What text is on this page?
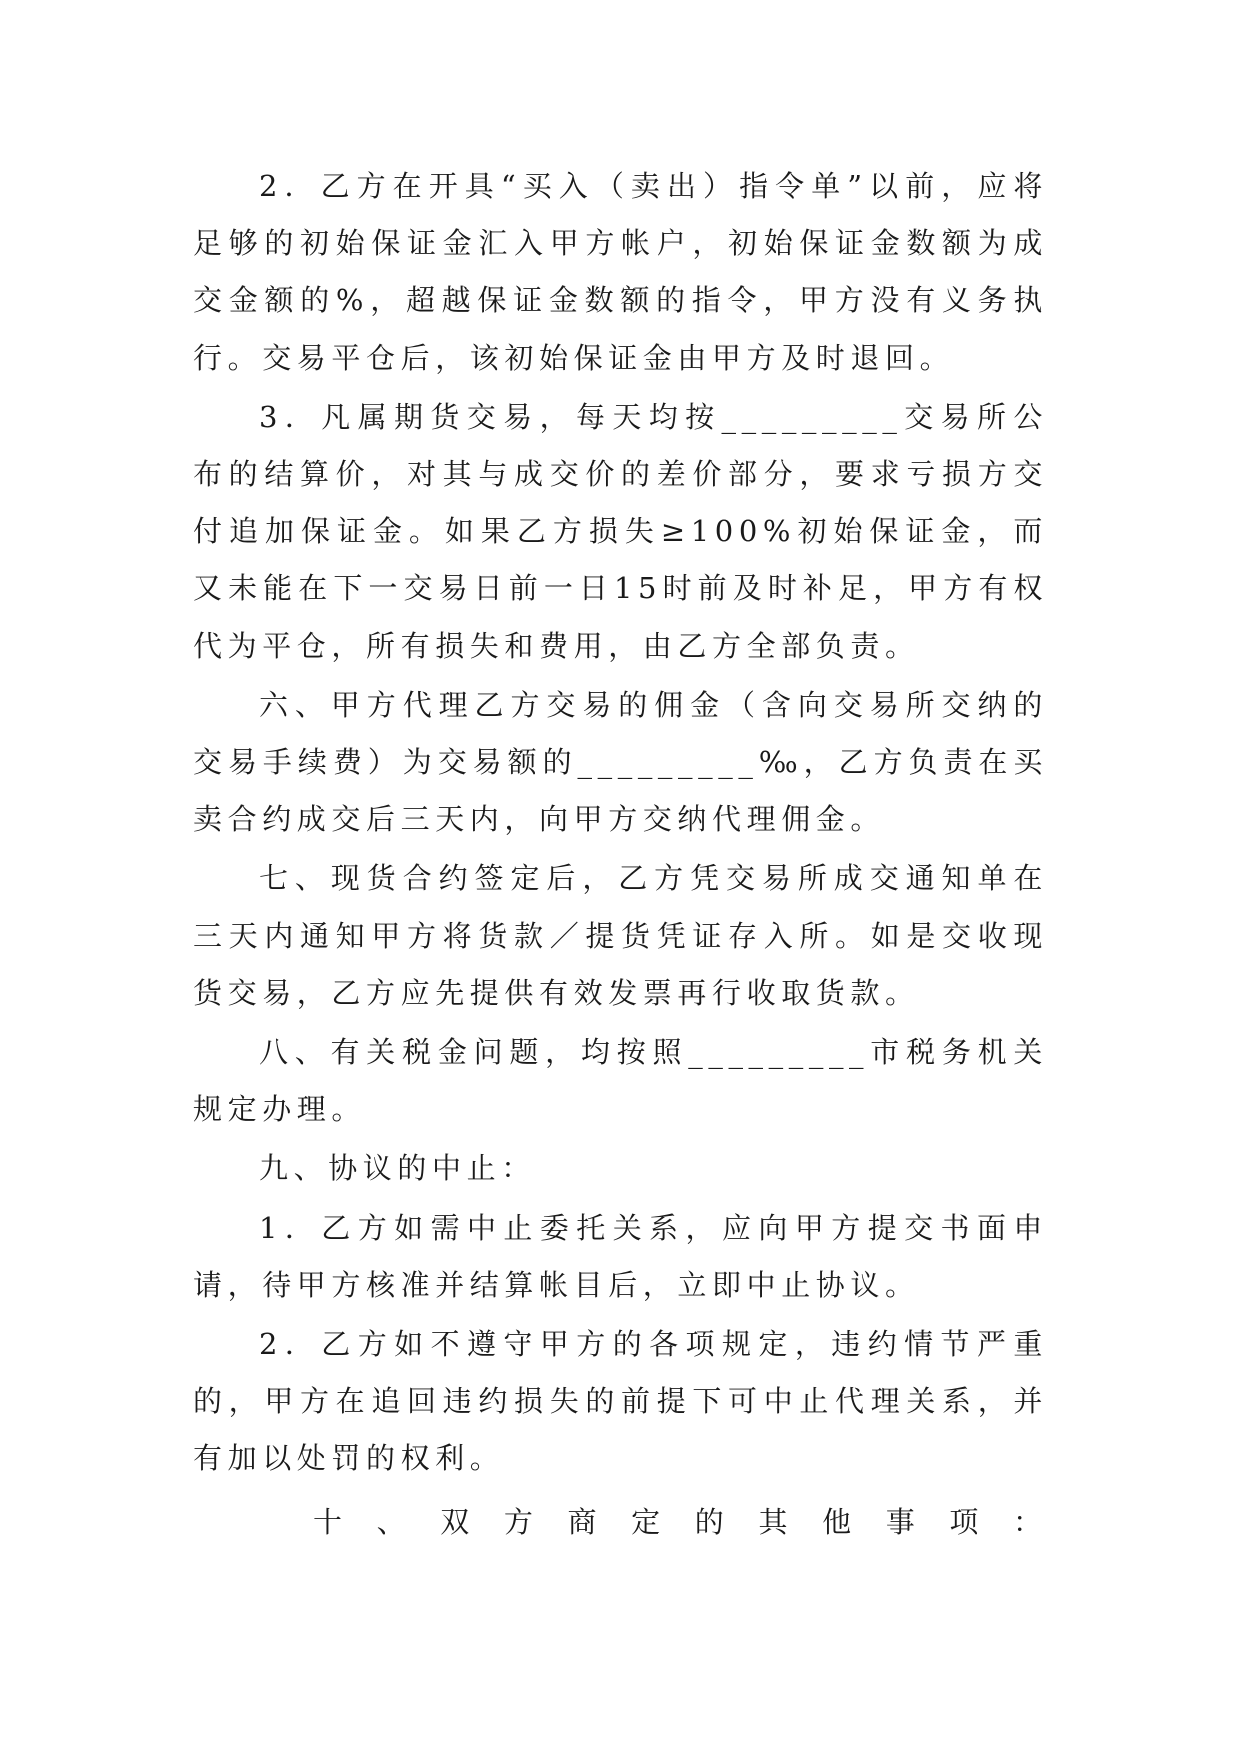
2．乙方在开具“买入（卖出）指令单”以前，应将足够的初始保证金汇入甲方帐户，初始保证金数额为成交金额的%，超越保证金数额的指令，甲方没有义务执行。交易平仓后，该初始保证金由甲方及时退回。

3．凡属期货交易，每天均按_________交易所公布的结算价，对其与成交价的差价部分，要求亏损方交付追加保证金。如果乙方损失≥100%初始保证金，而又未能在下一交易日前一日15时前及时补足，甲方有权代为平仓，所有损失和费用，由乙方全部负责。

六、甲方代理乙方交易的佣金（含向交易所交纳的交易手续费）为交易额的_________‰，乙方负责在买卖合约成交后三天内，向甲方交纳代理佣金。

七、现货合约签定后，乙方凭交易所成交通知单在三天内通知甲方将货款／提货凭证存入所。如是交收现货交易，乙方应先提供有效发票再行收取货款。

八、有关税金问题，均按照_________市税务机关规定办理。

九、协议的中止：

1．乙方如需中止委托关系，应向甲方提交书面申请，待甲方核准并结算帐目后，立即中止协议。

2．乙方如不遵守甲方的各项规定，违约情节严重的，甲方在追回违约损失的前提下可中止代理关系，并有加以处罚的权利。

十、双方商定的其他事项：
